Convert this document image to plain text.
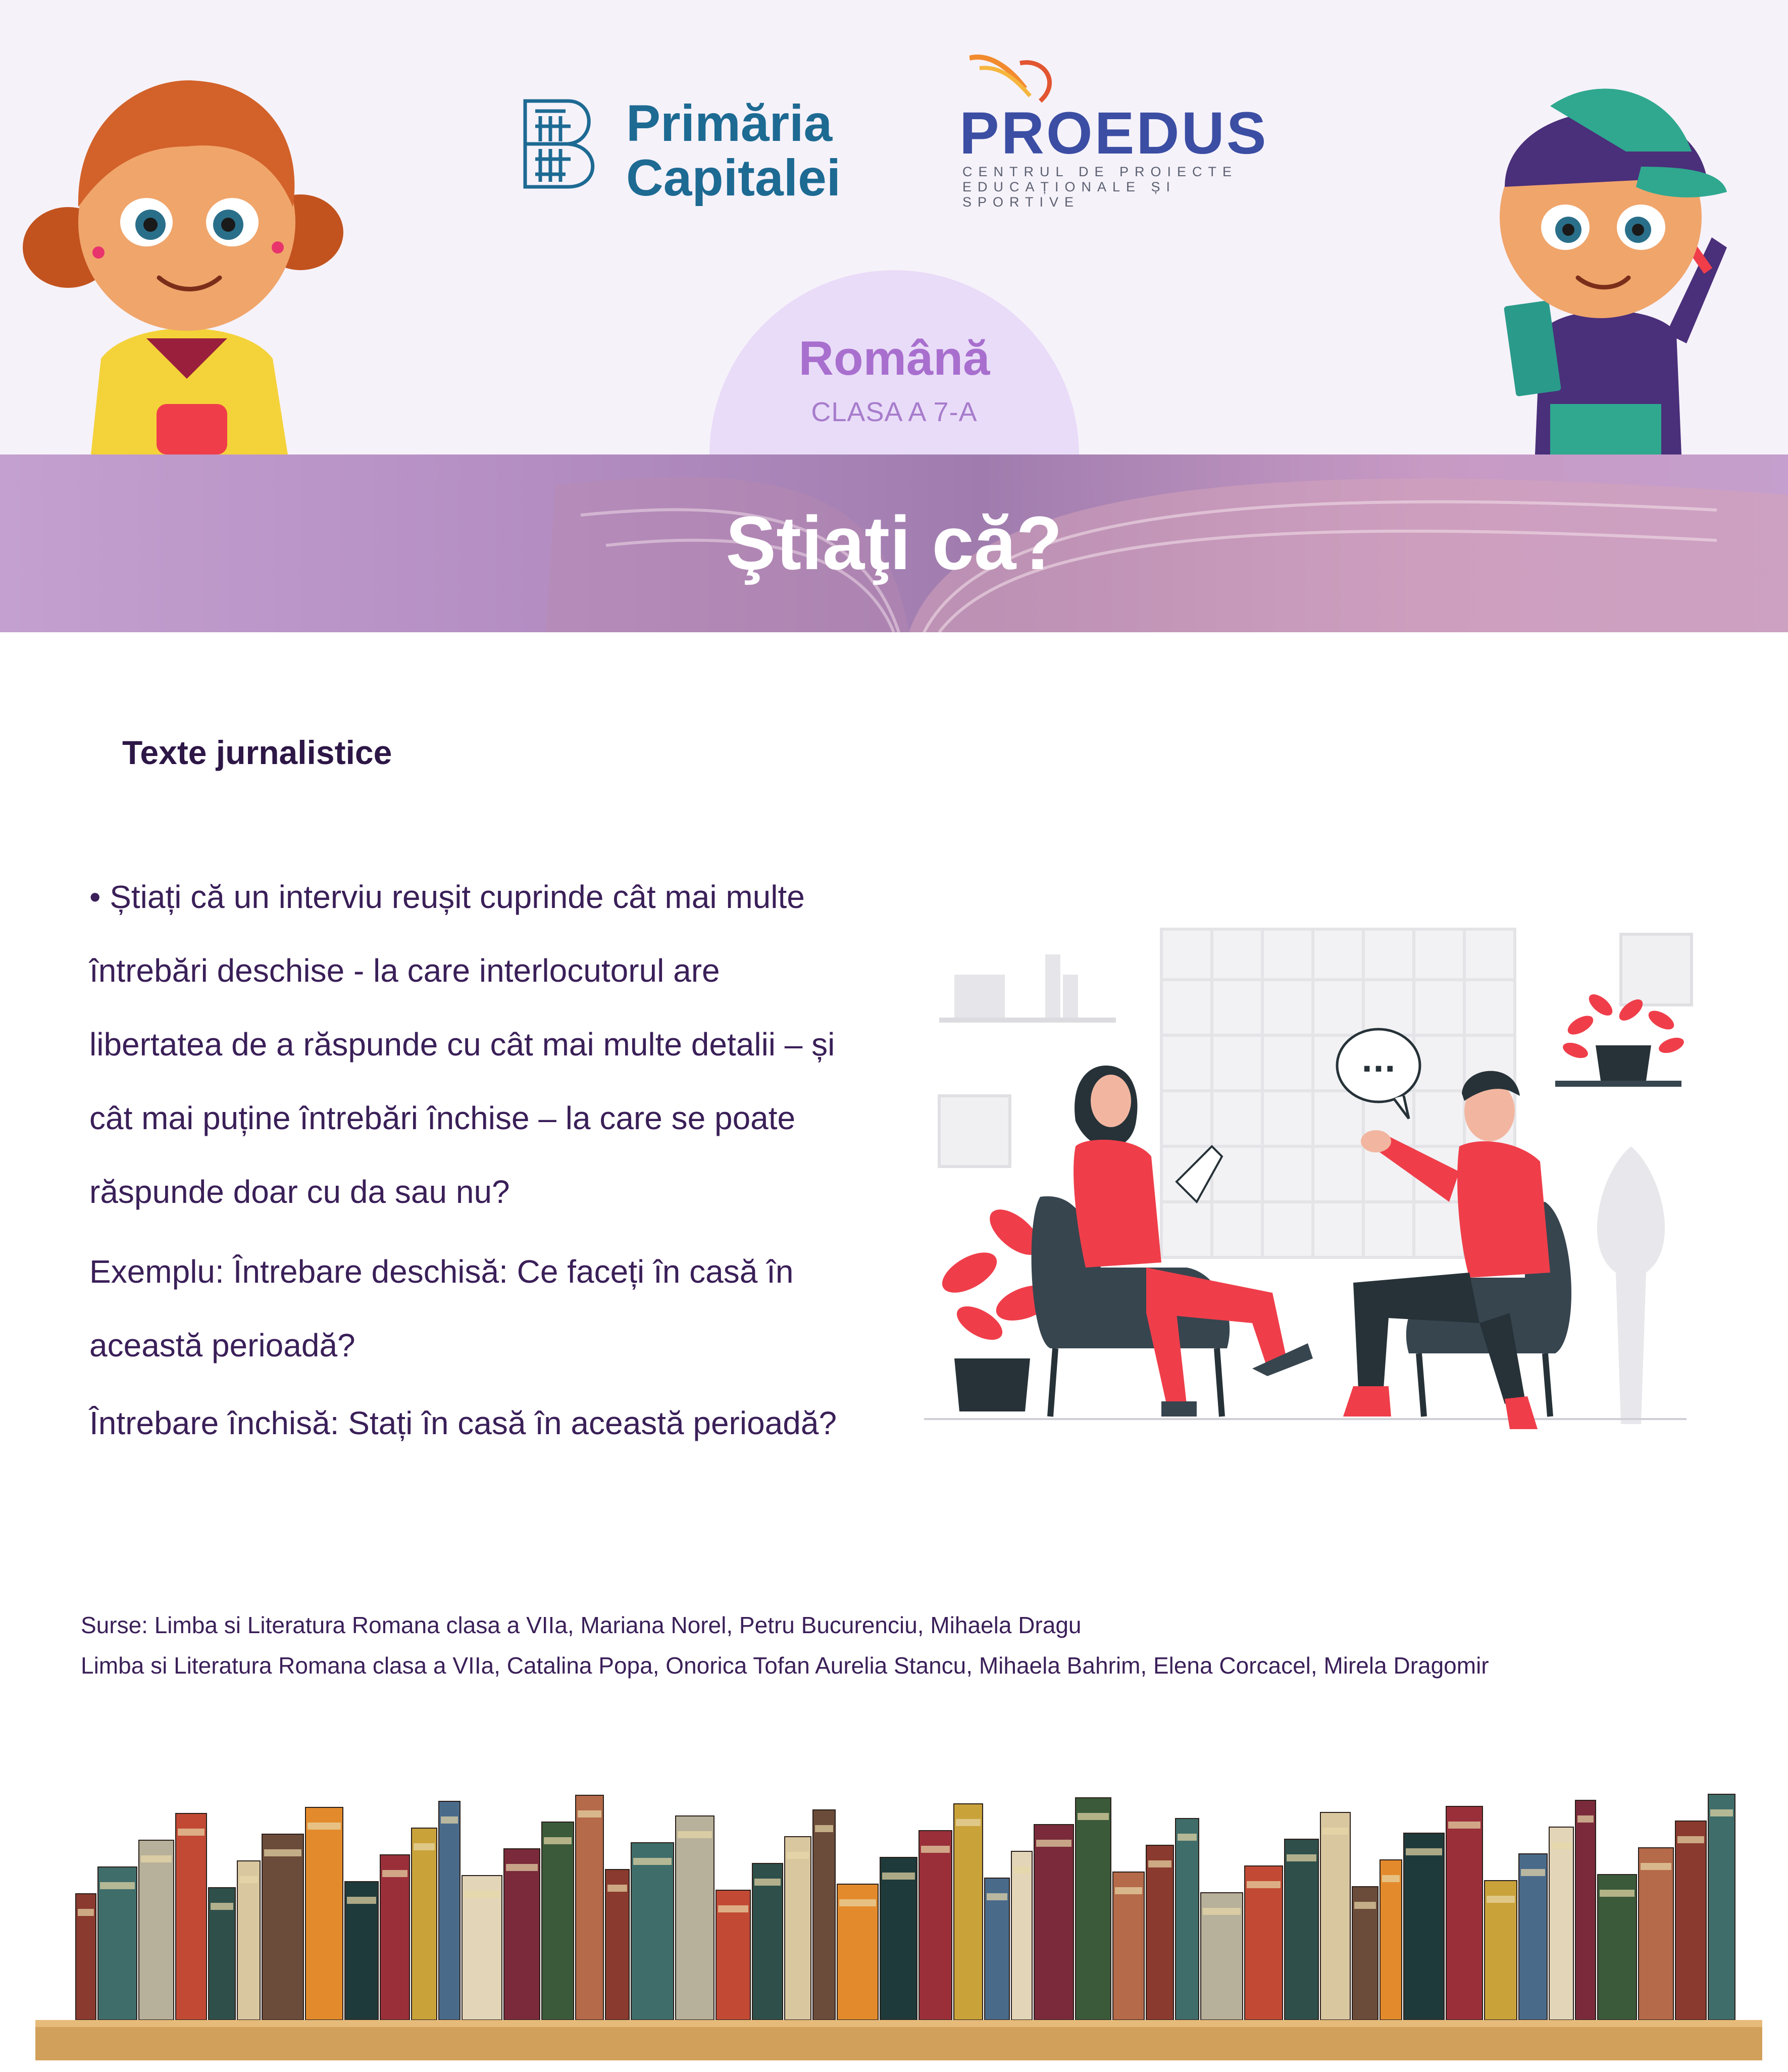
Română
CLASA A 7-A
Primăria
Capitalei
PROEDUS
CENTRUL DE PROIECTE
EDUCAȚIONALE ȘI SPORTIVE
Ştiaţi că?
Texte jurnalistice

• Știați că un interviu reușit cuprinde cât mai multe

întrebări deschise - la care interlocutorul are

libertatea de a răspunde cu cât mai multe detalii – și

cât mai puține întrebări închise – la care se poate

răspunde doar cu da sau nu?

Exemplu: Întrebare deschisă: Ce faceți în casă în

această perioadă?

Întrebare închisă: Stați în casă în această perioadă?
...
Surse: Limba si Literatura Romana clasa a VIIa, Mariana Norel, Petru Bucurenciu, Mihaela Dragu
Limba si Literatura Romana clasa a VIIa, Catalina Popa, Onorica Tofan Aurelia Stancu, Mihaela Bahrim, Elena Corcacel, Mirela Dragomir
